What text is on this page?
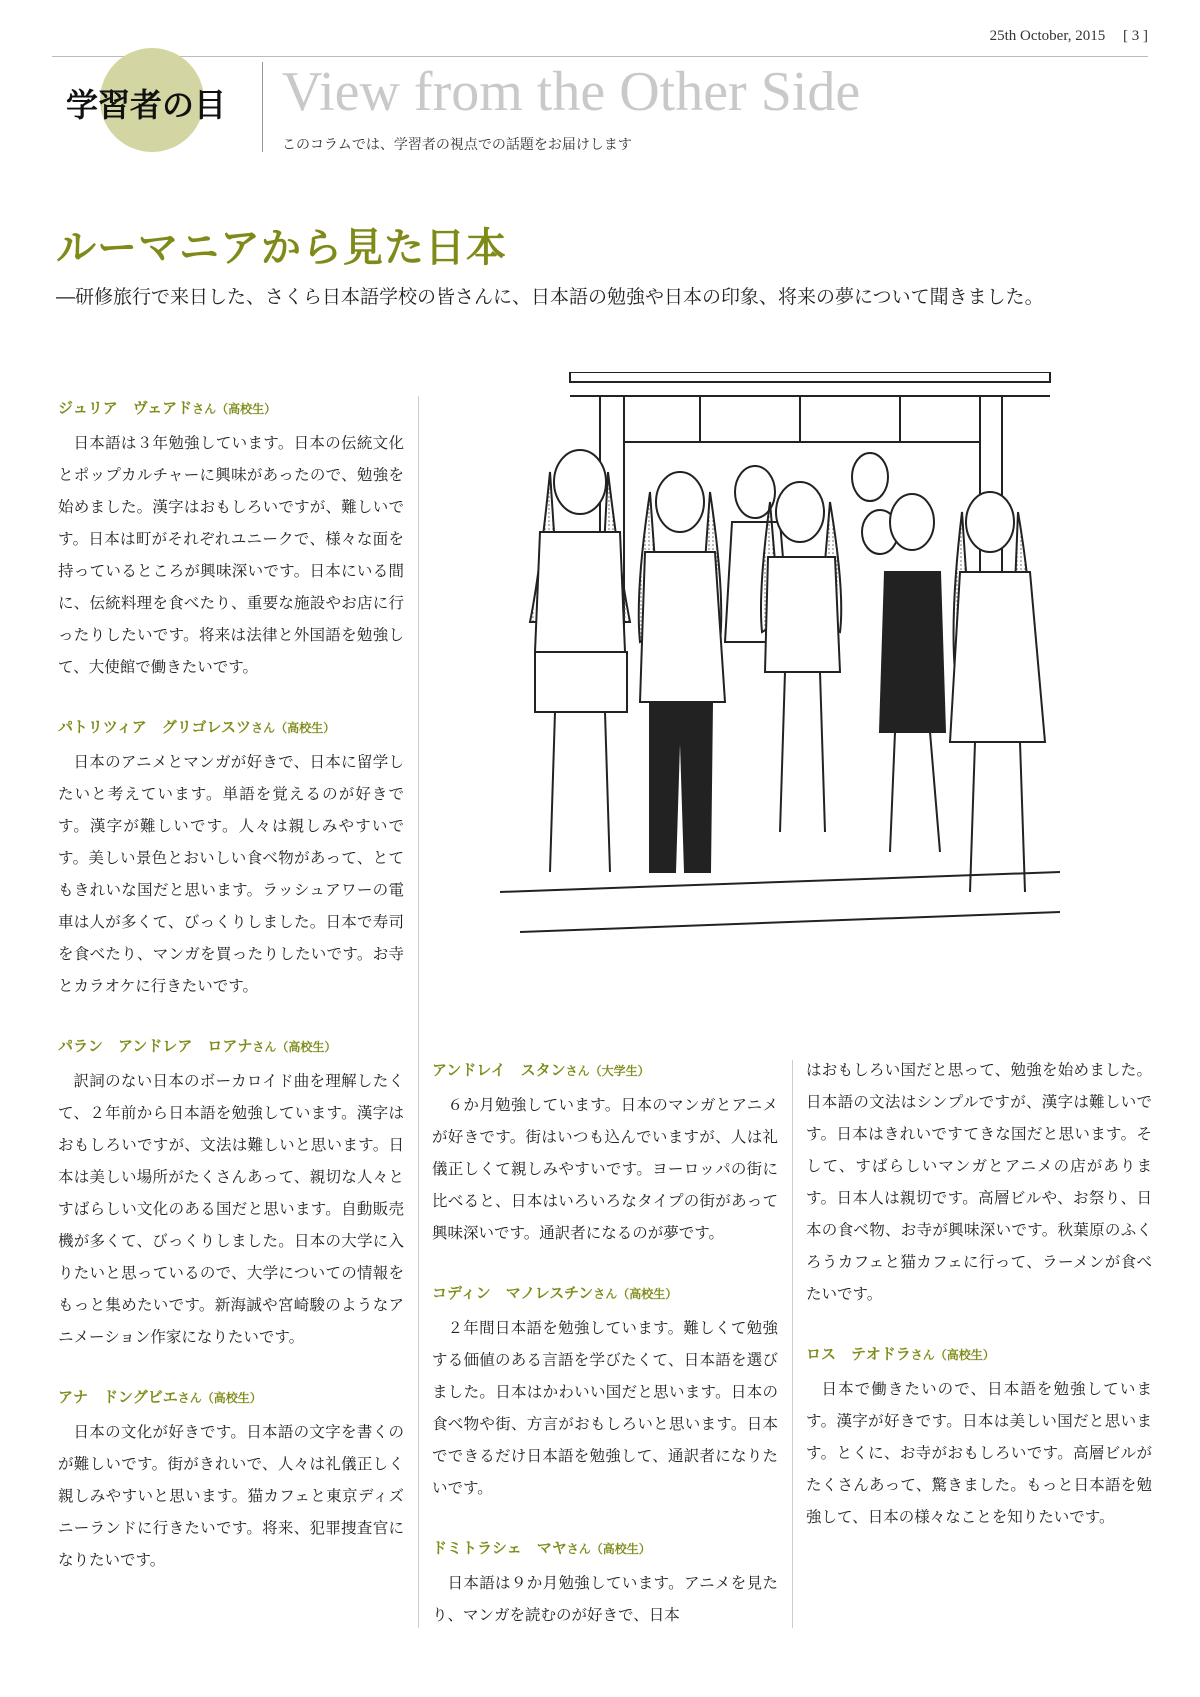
25th October, 2015 [ 3 ]
学習者の目 View from the Other Side
このコラムでは、学習者の視点での話題をお届けします
ルーマニアから見た日本
―研修旅行で来日した、さくら日本語学校の皆さんに、日本語の勉強や日本の印象、将来の夢について聞きました。
ジュリア　ヴェアドさん（高校生）
日本語は３年勉強しています。日本の伝統文化とポップカルチャーに興味があったので、勉強を始めました。漢字はおもしろいですが、難しいです。日本は町がそれぞれユニークで、様々な面を持っているところが興味深いです。日本にいる間に、伝統料理を食べたり、重要な施設やお店に行ったりしたいです。将来は法律と外国語を勉強して、大使館で働きたいです。
パトリツィア　グリゴレスツさん（高校生）
日本のアニメとマンガが好きで、日本に留学したいと考えています。単語を覚えるのが好きです。漢字が難しいです。人々は親しみやすいです。美しい景色とおいしい食べ物があって、とてもきれいな国だと思います。ラッシュアワーの電車は人が多くて、びっくりしました。日本で寿司を食べたり、マンガを買ったりしたいです。お寺とカラオケに行きたいです。
パラン　アンドレア　ロアナさん（高校生）
訳詞のない日本のボーカロイド曲を理解したくて、２年前から日本語を勉強しています。漢字はおもしろいですが、文法は難しいと思います。日本は美しい場所がたくさんあって、親切な人々とすばらしい文化のある国だと思います。自動販売機が多くて、びっくりしました。日本の大学に入りたいと思っているので、大学についての情報をもっと集めたいです。新海誠や宮崎駿のようなアニメーション作家になりたいです。
アナ　ドングビエさん（高校生）
日本の文化が好きです。日本語の文字を書くのが難しいです。街がきれいで、人々は礼儀正しく親しみやすいと思います。猫カフェと東京ディズニーランドに行きたいです。将来、犯罪捜査官になりたいです。
アンドレイ　スタンさん（大学生）
６か月勉強しています。日本のマンガとアニメが好きです。街はいつも込んでいますが、人は礼儀正しくて親しみやすいです。ヨーロッパの街に比べると、日本はいろいろなタイプの街があって興味深いです。通訳者になるのが夢です。
コディン　マノレスチンさん（高校生）
２年間日本語を勉強しています。難しくて勉強する価値のある言語を学びたくて、日本語を選びました。日本はかわいい国だと思います。日本の食べ物や街、方言がおもしろいと思います。日本でできるだけ日本語を勉強して、通訳者になりたいです。
ドミトラシェ　マヤさん（高校生）
日本語は９か月勉強しています。アニメを見たり、マンガを読むのが好きで、日本
はおもしろい国だと思って、勉強を始めました。日本語の文法はシンプルですが、漢字は難しいです。日本はきれいですてきな国だと思います。そして、すばらしいマンガとアニメの店があります。日本人は親切です。高層ビルや、お祭り、日本の食べ物、お寺が興味深いです。秋葉原のふくろうカフェと猫カフェに行って、ラーメンが食べたいです。
ロス　テオドラさん（高校生）
日本で働きたいので、日本語を勉強しています。漢字が好きです。日本は美しい国だと思います。とくに、お寺がおもしろいです。高層ビルがたくさんあって、驚きました。もっと日本語を勉強して、日本の様々なことを知りたいです。
